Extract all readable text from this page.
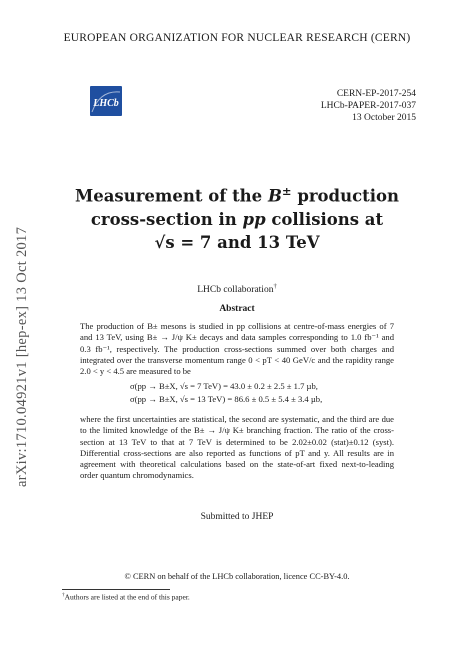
EUROPEAN ORGANIZATION FOR NUCLEAR RESEARCH (CERN)
LHCb
CERN-EP-2017-254
LHCb-PAPER-2017-037
13 October 2015
arXiv:1710.04921v1 [hep-ex] 13 Oct 2017
Measurement of the B± production
cross-section in pp collisions at
√s = 7 and 13 TeV
LHCb collaboration†
Abstract
The production of B± mesons is studied in pp collisions at centre-of-mass energies of 7 and 13 TeV, using B± → J/ψ K± decays and data samples corresponding to 1.0 fb⁻¹ and 0.3 fb⁻¹, respectively. The production cross-sections summed over both charges and integrated over the transverse momentum range 0 < pT < 40 GeV/c and the rapidity range 2.0 < y < 4.5 are measured to be
σ(pp → B±X, √s = 7 TeV) = 43.0 ± 0.2 ± 2.5 ± 1.7 µb,
σ(pp → B±X, √s = 13 TeV) = 86.6 ± 0.5 ± 5.4 ± 3.4 µb,
where the first uncertainties are statistical, the second are systematic, and the third are due to the limited knowledge of the B± → J/ψ K± branching fraction. The ratio of the cross-section at 13 TeV to that at 7 TeV is determined to be 2.02±0.02 (stat)±0.12 (syst). Differential cross-sections are also reported as functions of pT and y. All results are in agreement with theoretical calculations based on the state-of-art fixed next-to-leading order quantum chromodynamics.
Submitted to JHEP
© CERN on behalf of the LHCb collaboration, licence CC-BY-4.0.
†Authors are listed at the end of this paper.
